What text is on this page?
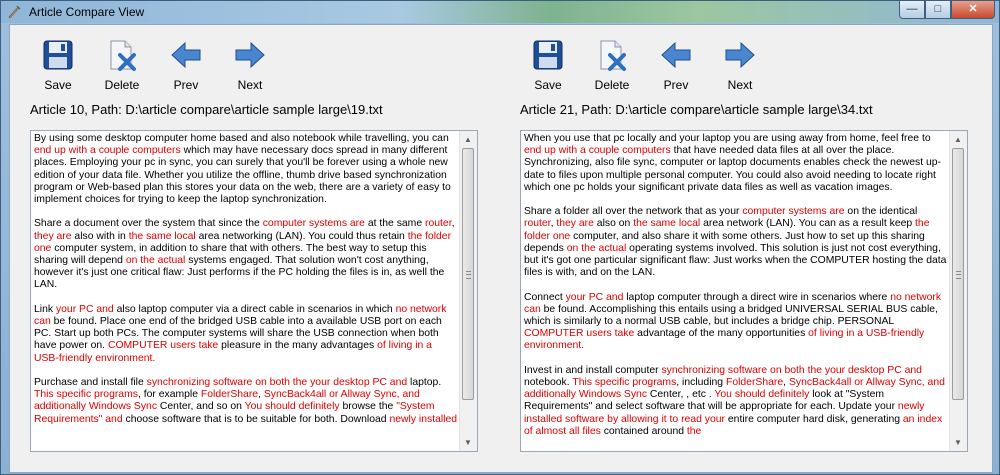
Article Compare View	—	□	✕
Save	Delete	Prev	Next
Article 10, Path: D:\article compare\article sample large\19.txt

By using some desktop computer home based and also notebook while travelling, you can end up with a couple computers which may have necessary docs spread in many different places. Employing your pc in sync, you can surely that you'll be forever using a whole new edition of your data file. Whether you utilize the offline, thumb drive based synchronization program or Web-based plan this stores your data on the web, there are a variety of easy to implement choices for trying to keep the laptop synchronization.

Share a document over the system that since the computer systems are at the same router, they are also with in the same local area networking (LAN). You could thus retain the folder one computer system, in addition to share that with others. The best way to setup this sharing will depend on the actual systems engaged. That solution won't cost anything, however it's just one critical flaw: Just performs if the PC holding the files is in, as well the LAN.

Link your PC and also laptop computer via a direct cable in scenarios in which no network can be found. Place one end of the bridged USB cable into a available USB port on each PC. Start up both PCs. The computer systems will share the USB connection when both have power on. COMPUTER users take pleasure in the many advantages of living in a USB-friendly environment.

Purchase and install file synchronizing software on both the your desktop PC and laptop. This specific programs, for example FolderShare, SyncBack4all or Allway Sync, and additionally Windows Sync Center, and so on You should definitely browse the "System Requirements" and choose software that is to be suitable for both. Download newly installed

▲
▼
Save	Delete	Prev	Next
Article 21, Path: D:\article compare\article sample large\34.txt

When you use that pc locally and your laptop you are using away from home, feel free to end up with a couple computers that have needed data files at all over the place. Synchronizing, also file sync, computer or laptop documents enables check the newest up-date to files upon multiple personal computer. You could also avoid needing to locate right which one pc holds your significant private data files as well as vacation images.

Share a folder all over the network that as your computer systems are on the identical router, they are also on the same local area network (LAN). You can as a result keep the folder one computer, and also share it with some others. Just how to set up this sharing depends on the actual operating systems involved. This solution is just not cost everything, but it's got one particular significant flaw: Just works when the COMPUTER hosting the data files is with, and on the LAN.

Connect your PC and laptop computer through a direct wire in scenarios where no network can be found. Accomplishing this entails using a bridged UNIVERSAL SERIAL BUS cable, which is similarly to a normal USB cable, but includes a bridge chip. PERSONAL COMPUTER users take advantage of the many opportunities of living in a USB-friendly environment.

Invest in and install computer synchronizing software on both the your desktop PC and notebook. This specific programs, including FolderShare, SyncBack4all or Allway Sync, and additionally Windows Sync Center, , etc . You should definitely look at "System Requirements" and select software that will be appropriate for each. Update your newly installed software by allowing it to read your entire computer hard disk, generating an index of almost all files contained around the

▲
▼
